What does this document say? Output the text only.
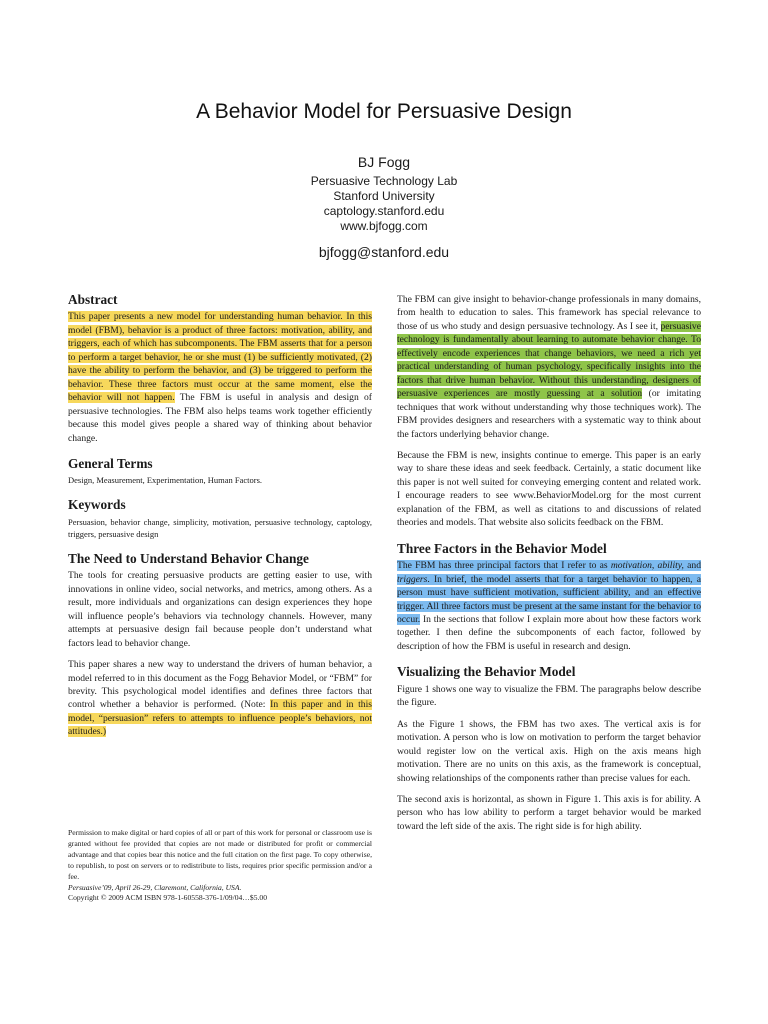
A Behavior Model for Persuasive Design
BJ Fogg
Persuasive Technology Lab
Stanford University
captology.stanford.edu
www.bjfogg.com
bjfogg@stanford.edu
Abstract

This paper presents a new model for understanding human behavior. In this model (FBM), behavior is a product of three factors: motivation, ability, and triggers, each of which has subcomponents. The FBM asserts that for a person to perform a target behavior, he or she must (1) be sufficiently motivated, (2) have the ability to perform the behavior, and (3) be triggered to perform the behavior. These three factors must occur at the same moment, else the behavior will not happen. The FBM is useful in analysis and design of persuasive technologies. The FBM also helps teams work together efficiently because this model gives people a shared way of thinking about behavior change.

General Terms

Design, Measurement, Experimentation, Human Factors.

Keywords

Persuasion, behavior change, simplicity, motivation, persuasive technology, captology, triggers, persuasive design

The Need to Understand Behavior Change

The tools for creating persuasive products are getting easier to use, with innovations in online video, social networks, and metrics, among others. As a result, more individuals and organizations can design experiences they hope will influence people’s behaviors via technology channels. However, many attempts at persuasive design fail because people don’t understand what factors lead to behavior change.

This paper shares a new way to understand the drivers of human behavior, a model referred to in this document as the Fogg Behavior Model, or “FBM” for brevity. This psychological model identifies and defines three factors that control whether a behavior is performed. (Note: In this paper and in this model, “persuasion” refers to attempts to influence people’s behaviors, not attitudes.)

Permission to make digital or hard copies of all or part of this work for personal or classroom use is granted without fee provided that copies are not made or distributed for profit or commercial advantage and that copies bear this notice and the full citation on the first page. To copy otherwise, to republish, to post on servers or to redistribute to lists, requires prior specific permission and/or a fee.

Persuasive’09, April 26-29, Claremont, California, USA.

Copyright © 2009 ACM ISBN 978-1-60558-376-1/09/04…$5.00

The FBM can give insight to behavior-change professionals in many domains, from health to education to sales. This framework has special relevance to those of us who study and design persuasive technology. As I see it, persuasive technology is fundamentally about learning to automate behavior change. To effectively encode experiences that change behaviors, we need a rich yet practical understanding of human psychology, specifically insights into the factors that drive human behavior. Without this understanding, designers of persuasive experiences are mostly guessing at a solution (or imitating techniques that work without understanding why those techniques work). The FBM provides designers and researchers with a systematic way to think about the factors underlying behavior change.

Because the FBM is new, insights continue to emerge. This paper is an early way to share these ideas and seek feedback. Certainly, a static document like this paper is not well suited for conveying emerging content and related work. I encourage readers to see www.BehaviorModel.org for the most current explanation of the FBM, as well as citations to and discussions of related theories and models. That website also solicits feedback on the FBM.

Three Factors in the Behavior Model

The FBM has three principal factors that I refer to as motivation, ability, and triggers. In brief, the model asserts that for a target behavior to happen, a person must have sufficient motivation, sufficient ability, and an effective trigger. All three factors must be present at the same instant for the behavior to occur. In the sections that follow I explain more about how these factors work together. I then define the subcomponents of each factor, followed by description of how the FBM is useful in research and design.

Visualizing the Behavior Model

Figure 1 shows one way to visualize the FBM. The paragraphs below describe the figure.

As the Figure 1 shows, the FBM has two axes. The vertical axis is for motivation. A person who is low on motivation to perform the target behavior would register low on the vertical axis. High on the axis means high motivation. There are no units on this axis, as the framework is conceptual, showing relationships of the components rather than precise values for each.

The second axis is horizontal, as shown in Figure 1. This axis is for ability. A person who has low ability to perform a target behavior would be marked toward the left side of the axis. The right side is for high ability.
